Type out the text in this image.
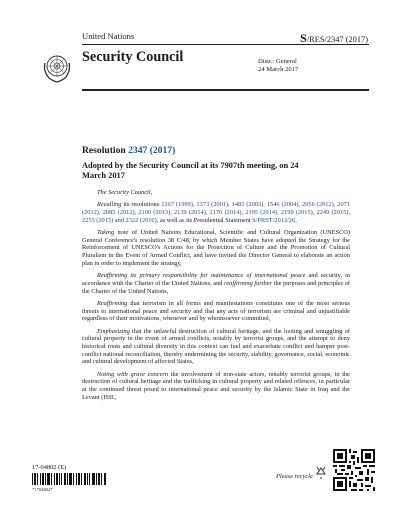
United Nations	S/RES/2347 (2017)
Security Council	Distr.: General
24 March 2017
Resolution 2347 (2017)
Adopted by the Security Council at its 7907th meeting, on 24 March 2017

The Security Council,

Recalling its resolutions 1267 (1999), 1373 (2001), 1483 (2003), 1546 (2004), 2056 (2012), 2071 (2012), 2085 (2012), 2100 (2013), 2139 (2014), 2170 (2014), 2195 (2014), 2199 (2015), 2249 (2015), 2253 (2015) and 2322 (2016), as well as its Presidential Statement S/PRST/2012/26,

Taking note of United Nations Educational, Scientific and Cultural Organization (UNESCO) General Conference's resolution 38 C/48, by which Member States have adopted the Strategy for the Reinforcement of UNESCO's Actions for the Protection of Culture and the Promotion of Cultural Pluralism in the Event of Armed Conflict, and have invited the Director General to elaborate an action plan in order to implement the strategy,

Reaffirming its primary responsibility for maintenance of international peace and security, in accordance with the Charter of the United Nations, and reaffirming further the purposes and principles of the Charter of the United Nations,

Reaffirming that terrorism in all forms and manifestations constitutes one of the most serious threats to international peace and security and that any acts of terrorism are criminal and unjustifiable regardless of their motivations, whenever and by whomsoever committed,

Emphasizing that the unlawful destruction of cultural heritage, and the looting and smuggling of cultural property in the event of armed conflicts, notably by terrorist groups, and the attempt to deny historical roots and cultural diversity in this context can fuel and exacerbate conflict and hamper post-conflict national reconciliation, thereby undermining the security, stability, governance, social, economic and cultural development of affected States,

Noting with grave concern the involvement of non-state actors, notably terrorist groups, in the destruction of cultural heritage and the trafficking in cultural property and related offences, in particular at the continued threat posed to international peace and security by the Islamic State in Iraq and the Levant (ISIL,

17-04802 (E)
*1704802*
Please recycle
